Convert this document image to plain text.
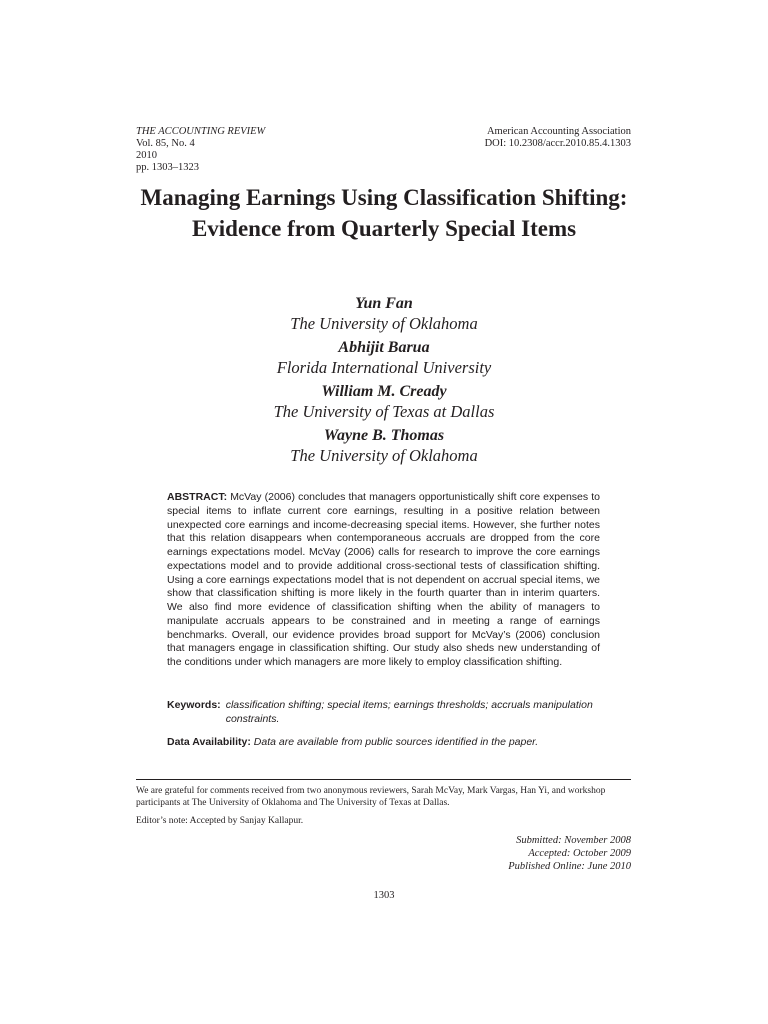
THE ACCOUNTING REVIEW
Vol. 85, No. 4
2010
pp. 1303–1323
American Accounting Association
DOI: 10.2308/accr.2010.85.4.1303
Managing Earnings Using Classification Shifting: Evidence from Quarterly Special Items
Yun Fan
The University of Oklahoma
Abhijit Barua
Florida International University
William M. Cready
The University of Texas at Dallas
Wayne B. Thomas
The University of Oklahoma
ABSTRACT: McVay (2006) concludes that managers opportunistically shift core expenses to special items to inflate current core earnings, resulting in a positive relation between unexpected core earnings and income-decreasing special items. However, she further notes that this relation disappears when contemporaneous accruals are dropped from the core earnings expectations model. McVay (2006) calls for research to improve the core earnings expectations model and to provide additional cross-sectional tests of classification shifting. Using a core earnings expectations model that is not dependent on accrual special items, we show that classification shifting is more likely in the fourth quarter than in interim quarters. We also find more evidence of classification shifting when the ability of managers to manipulate accruals appears to be constrained and in meeting a range of earnings benchmarks. Overall, our evidence provides broad support for McVay’s (2006) conclusion that managers engage in classification shifting. Our study also sheds new understanding of the conditions under which managers are more likely to employ classification shifting.
Keywords: classification shifting; special items; earnings thresholds; accruals manipulation constraints.
Data Availability: Data are available from public sources identified in the paper.

We are grateful for comments received from two anonymous reviewers, Sarah McVay, Mark Vargas, Han Yi, and workshop participants at The University of Oklahoma and The University of Texas at Dallas.

Editor’s note: Accepted by Sanjay Kallapur.

Submitted: November 2008
Accepted: October 2009
Published Online: June 2010
1303
